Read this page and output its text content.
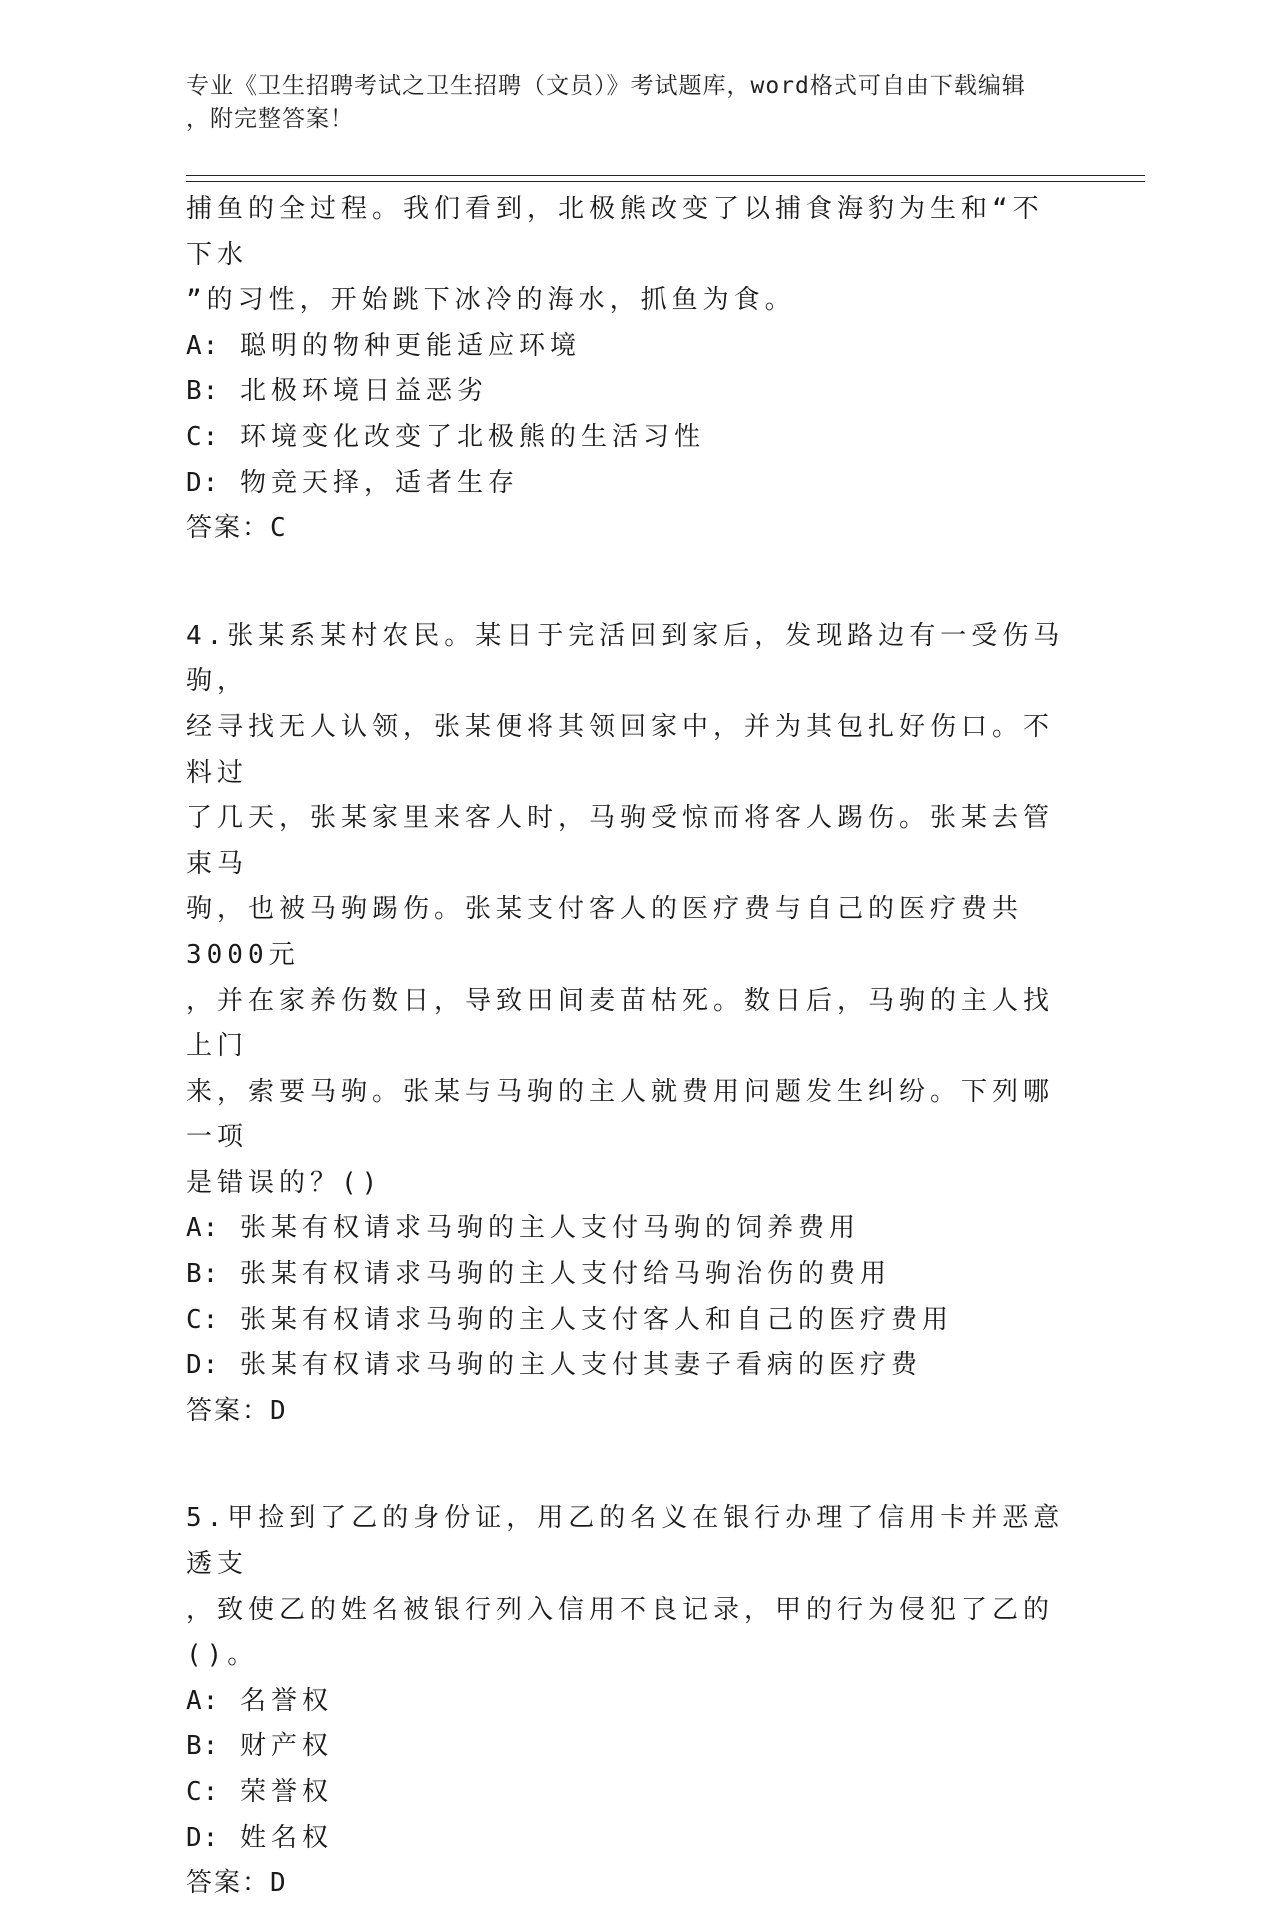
专业《卫生招聘考试之卫生招聘（文员）》考试题库，word格式可自由下载编辑
，附完整答案！

捕鱼的全过程。我们看到，北极熊改变了以捕食海豹为生和“不下水
”的习性，开始跳下冰冷的海水，抓鱼为食。

A: 聪明的物种更能适应环境

B: 北极环境日益恶劣

C: 环境变化改变了北极熊的生活习性

D: 物竞天择，适者生存

答案：C

4.张某系某村农民。某日于完活回到家后，发现路边有一受伤马驹，
经寻找无人认领，张某便将其领回家中，并为其包扎好伤口。不料过
了几天，张某家里来客人时，马驹受惊而将客人踢伤。张某去管束马
驹，也被马驹踢伤。张某支付客人的医疗费与自己的医疗费共3000元
，并在家养伤数日，导致田间麦苗枯死。数日后，马驹的主人找上门
来，索要马驹。张某与马驹的主人就费用问题发生纠纷。下列哪一项
是错误的？()

A: 张某有权请求马驹的主人支付马驹的饲养费用

B: 张某有权请求马驹的主人支付给马驹治伤的费用

C: 张某有权请求马驹的主人支付客人和自己的医疗费用

D: 张某有权请求马驹的主人支付其妻子看病的医疗费

答案：D

5.甲捡到了乙的身份证，用乙的名义在银行办理了信用卡并恶意透支
，致使乙的姓名被银行列入信用不良记录，甲的行为侵犯了乙的()。

A: 名誉权

B: 财产权

C: 荣誉权

D: 姓名权

答案：D
